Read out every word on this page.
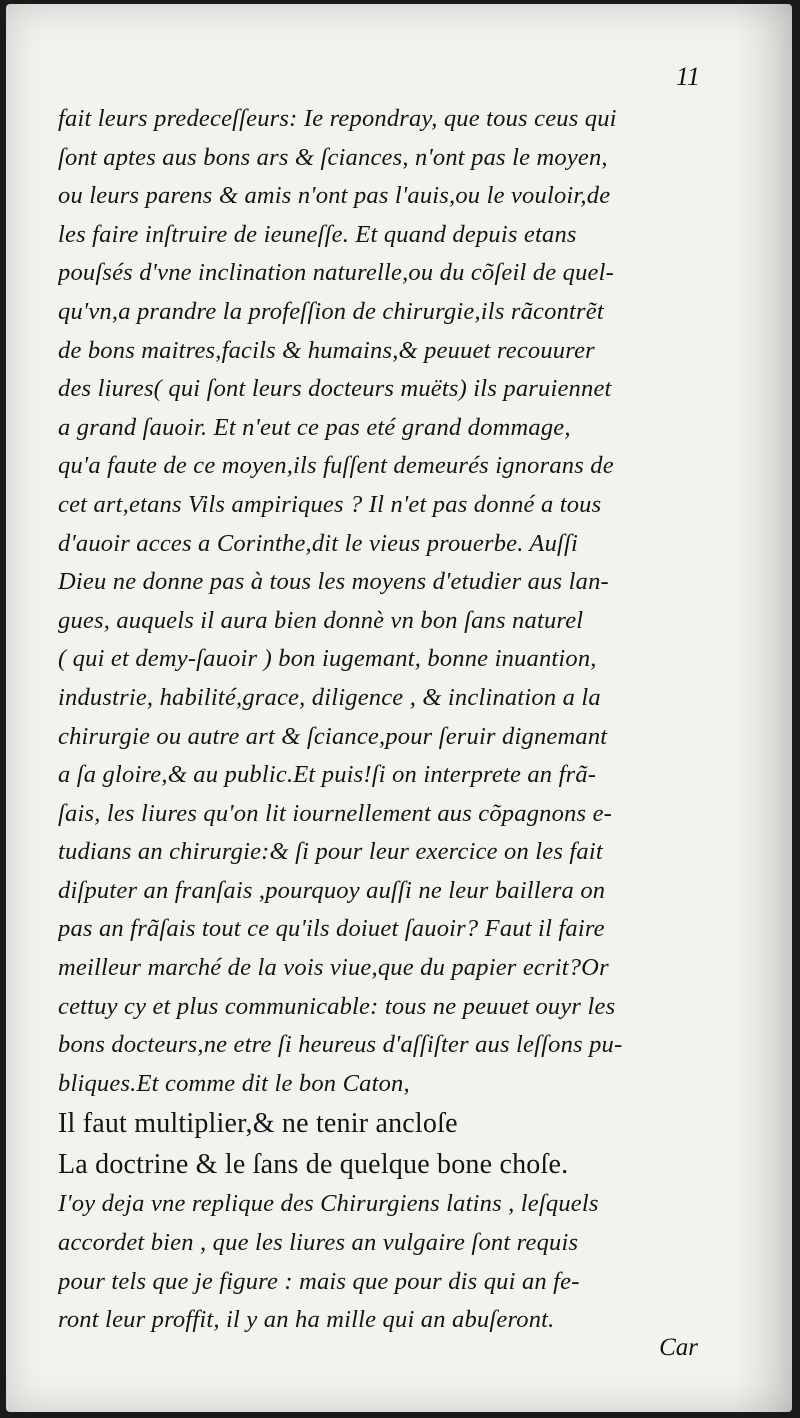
11
fait leurs predeceſſeurs: Ie repondray, que tous ceus qui
ſont aptes aus bons ars & ſciances, n'ont pas le moyen,
ou leurs parens & amis n'ont pas l'auis,ou le vouloir,de
les faire inſtruire de ieuneſſe. Et quand depuis etans
pouſsés d'vne inclination naturelle,ou du cõſeil de quel-
qu'vn,a prandre la profeſſion de chirurgie,ils rãcontrẽt
de bons maitres,facils & humains,& peuuet recouurer
des liures( qui ſont leurs docteurs muëts) ils paruiennet
a grand ſauoir. Et n'eut ce pas eté grand dommage,
qu'a faute de ce moyen,ils fuſſent demeurés ignorans de
cet art,etans Vils ampiriques ? Il n'et pas donné a tous
d'auoir acces a Corinthe,dit le vieus prouerbe. Auſſi
Dieu ne donne pas à tous les moyens d'etudier aus lan-
gues, auquels il aura bien donnè vn bon ſans naturel
( qui et demy-ſauoir ) bon iugemant, bonne inuantion,
industrie, habilité,grace, diligence , & inclination a la
chirurgie ou autre art & ſciance,pour ſeruir dignemant
a ſa gloire,& au public.Et puis!ſi on interprete an frã-
ſais, les liures qu'on lit iournellement aus cõpagnons e-
tudians an chirurgie:& ſi pour leur exercice on les fait
diſputer an franſais ,pourquoy auſſi ne leur baillera on
pas an frãſais tout ce qu'ils doiuet ſauoir? Faut il faire
meilleur marché de la vois viue,que du papier ecrit?Or
cettuy cy et plus communicable: tous ne peuuet ouyr les
bons docteurs,ne etre ſi heureus d'aſſiſter aus leſſons pu-
bliques.Et comme dit le bon Caton,
Il faut multiplier,& ne tenir ancloſe
La doctrine & le ſans de quelque bone choſe.
I'oy deja vne replique des Chirurgiens latins , leſquels
accordet bien , que les liures an vulgaire ſont requis
pour tels que je figure : mais que pour dis qui an fe-
ront leur proffit, il y an ha mille qui an abuſeront.
Car
